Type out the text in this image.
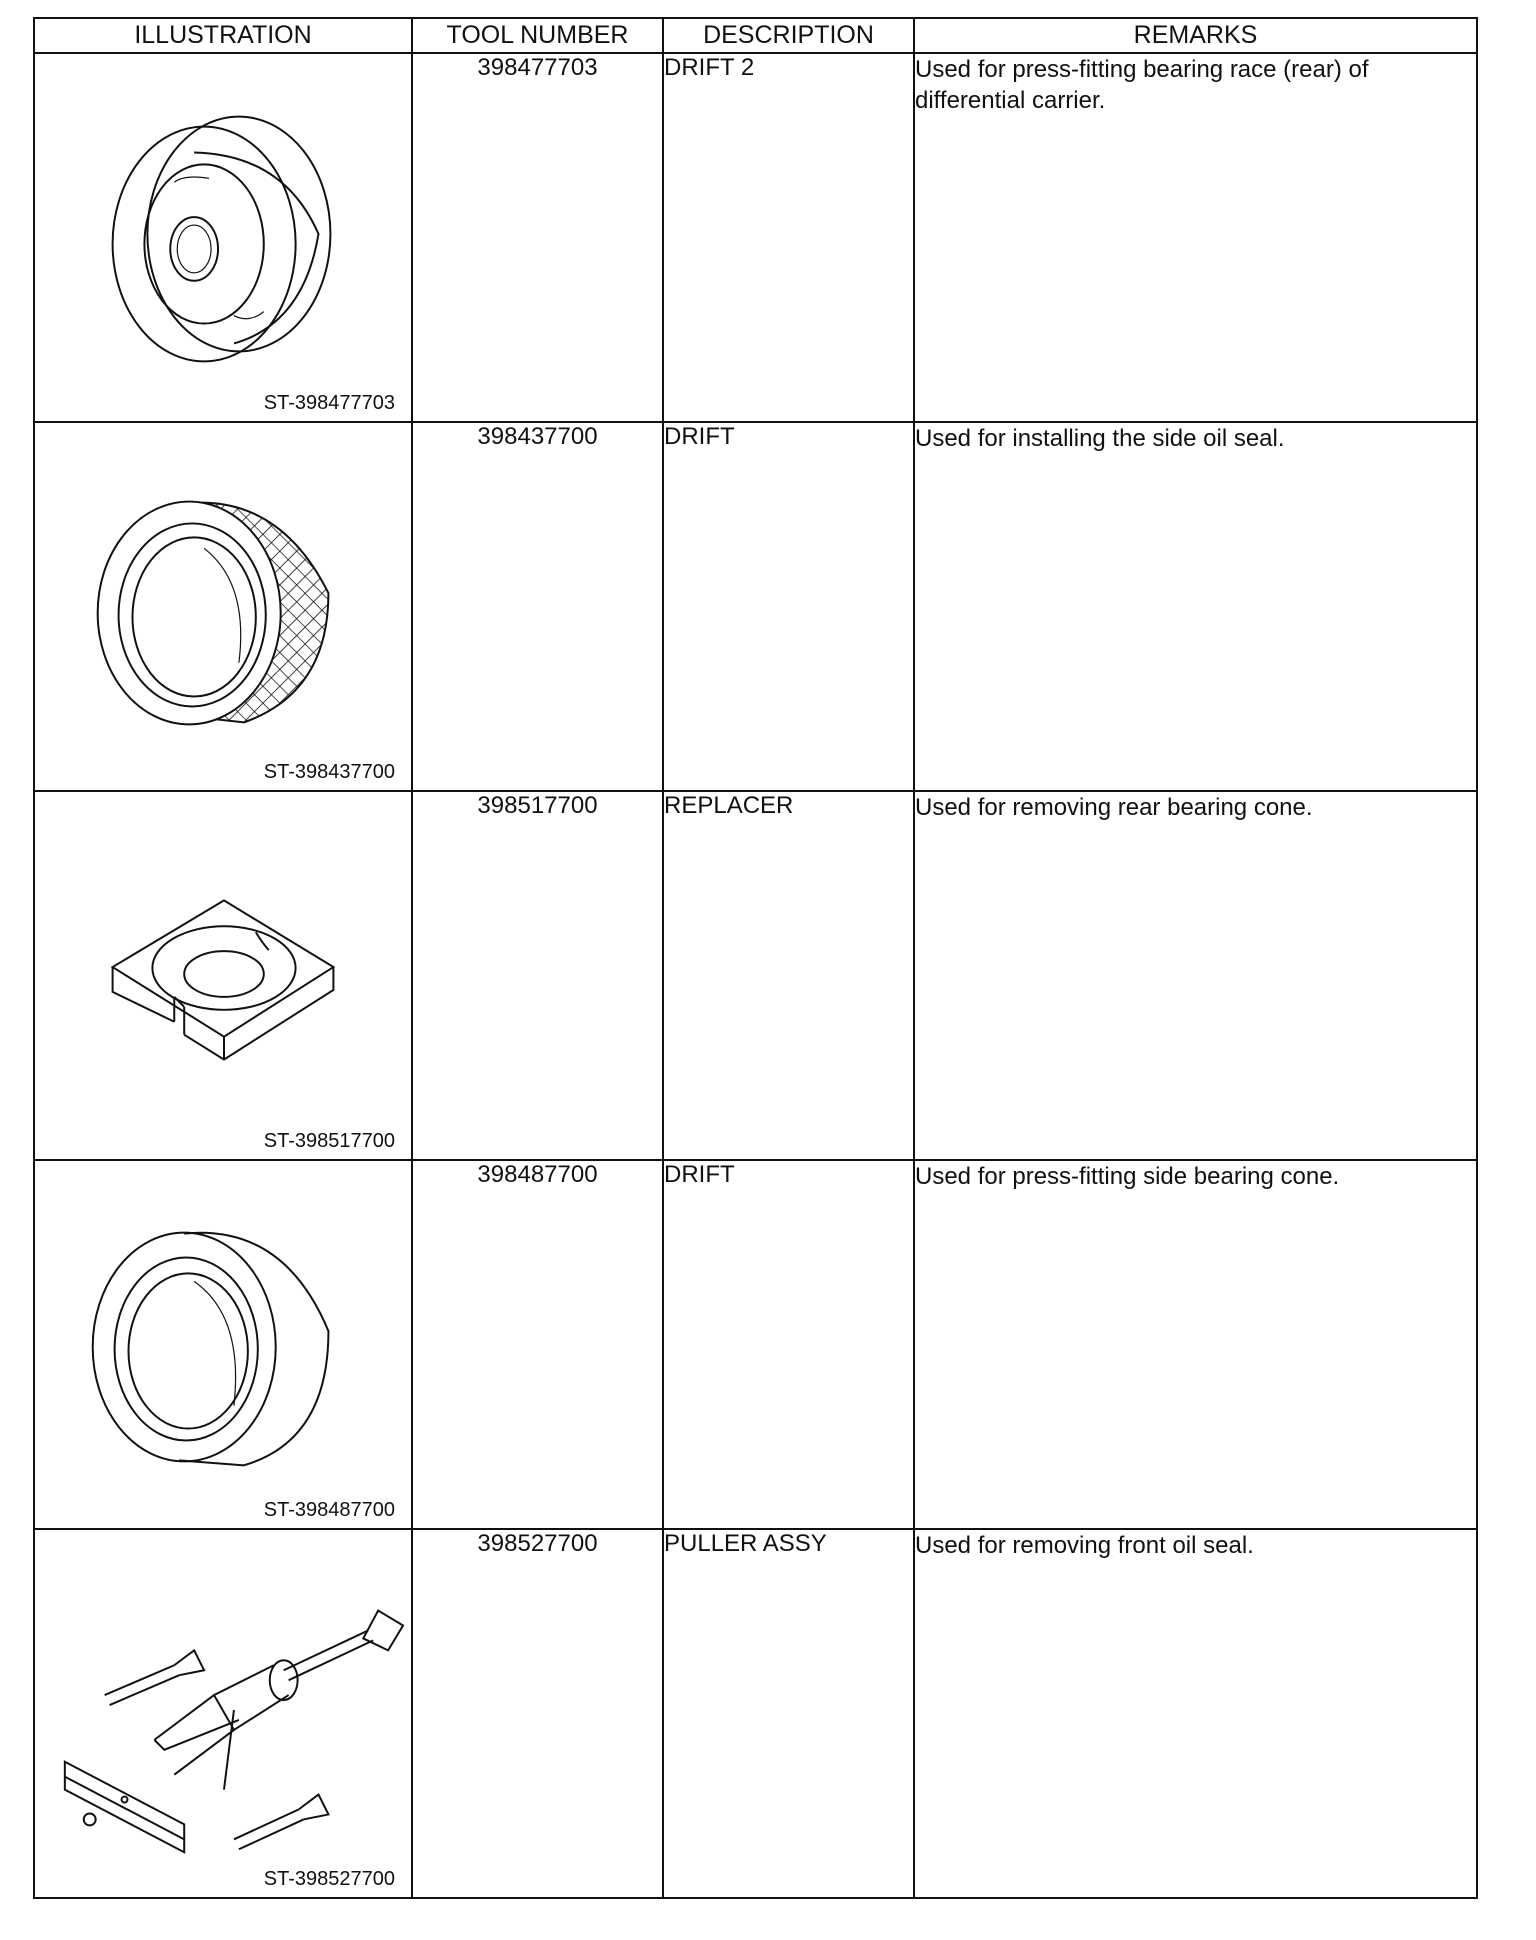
ILLUSTRATION	TOOL NUMBER	DESCRIPTION	REMARKS

ST-398477703	398477703	DRIFT 2	Used for press-fitting bearing race (rear) of differential carrier.

ST-398437700	398437700	DRIFT	Used for installing the side oil seal.

ST-398517700	398517700	REPLACER	Used for removing rear bearing cone.

ST-398487700	398487700	DRIFT	Used for press-fitting side bearing cone.

ST-398527700	398527700	PULLER ASSY	Used for removing front oil seal.
